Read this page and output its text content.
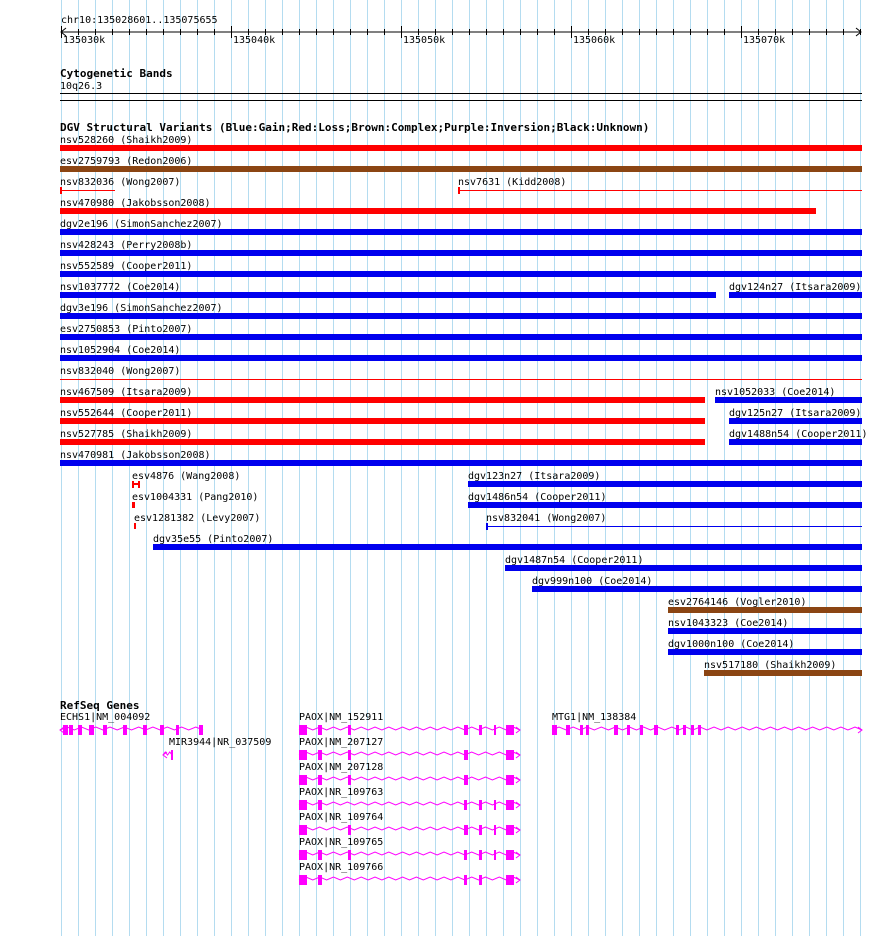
chr10:135028601..135075655
135030k	135040k	135050k	135060k	135070k
Cytogenetic Bands
10q26.3
DGV Structural Variants (Blue:Gain;Red:Loss;Brown:Complex;Purple:Inversion;Black:Unknown)
RefSeq Genes
nsv528260 (Shaikh2009)
esv2759793 (Redon2006)
nsv832036 (Wong2007)	nsv7631 (Kidd2008)
nsv470980 (Jakobsson2008)
dgv2e196 (SimonSanchez2007)
nsv428243 (Perry2008b)
nsv552589 (Cooper2011)
nsv1037772 (Coe2014)	dgv124n27 (Itsara2009)
dgv3e196 (SimonSanchez2007)
esv2750853 (Pinto2007)
nsv1052904 (Coe2014)
nsv832040 (Wong2007)
nsv467509 (Itsara2009)	nsv1052033 (Coe2014)
nsv552644 (Cooper2011)	dgv125n27 (Itsara2009)
nsv527785 (Shaikh2009)	dgv1488n54 (Cooper2011)
nsv470981 (Jakobsson2008)
esv4876 (Wang2008)	dgv123n27 (Itsara2009)
esv1004331 (Pang2010)	dgv1486n54 (Cooper2011)
esv1281382 (Levy2007)	nsv832041 (Wong2007)
dgv35e55 (Pinto2007)
dgv1487n54 (Cooper2011)
dgv999n100 (Coe2014)
esv2764146 (Vogler2010)
nsv1043323 (Coe2014)
dgv1000n100 (Coe2014)
nsv517180 (Shaikh2009)
ECHS1|NM_004092
MIR3944|NR_037509
PAOX|NM_152911
PAOX|NM_207127
PAOX|NM_207128
PAOX|NR_109763
PAOX|NR_109764
PAOX|NR_109765
PAOX|NR_109766
MTG1|NM_138384
